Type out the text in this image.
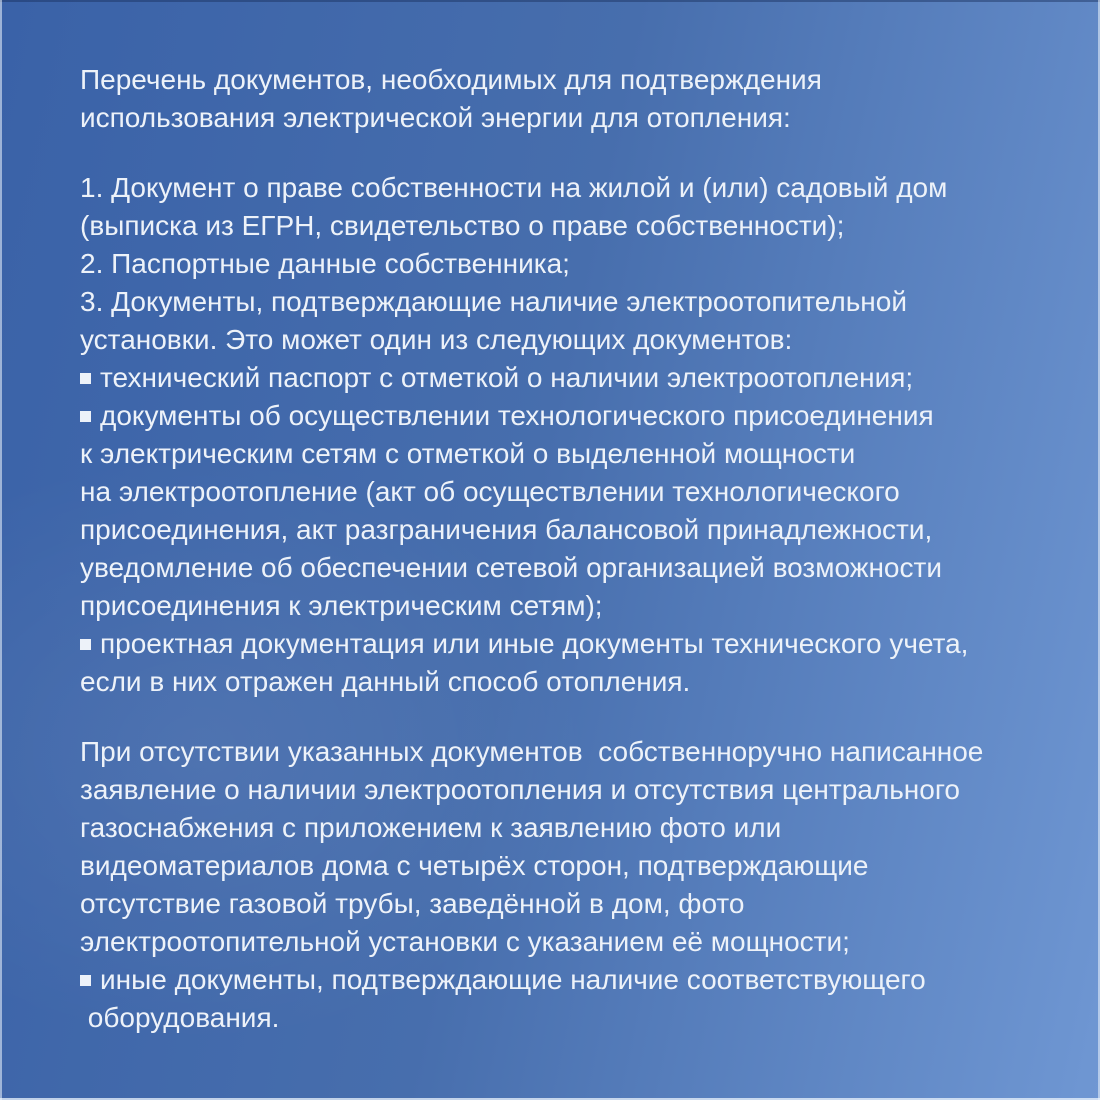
Перечень документов, необходимых для подтверждения
использования электрической энергии для отопления:
1. Документ о праве собственности на жилой и (или) садовый дом
(выписка из ЕГРН, свидетельство о праве собственности);
2. Паспортные данные собственника;
3. Документы, подтверждающие наличие электроотопительной
установки. Это может один из следующих документов:
технический паспорт с отметкой о наличии электроотопления;
документы об осуществлении технологического присоединения
к электрическим сетям с отметкой о выделенной мощности
на электроотопление (акт об осуществлении технологического
присоединения, акт разграничения балансовой принадлежности,
уведомление об обеспечении сетевой организацией возможности
присоединения к электрическим сетям);
проектная документация или иные документы технического учета,
если в них отражен данный способ отопления.
При отсутствии указанных документов  собственноручно написанное
заявление о наличии электроотопления и отсутствия центрального
газоснабжения с приложением к заявлению фото или
видеоматериалов дома с четырёх сторон, подтверждающие
отсутствие газовой трубы, заведённой в дом, фото
электроотопительной установки с указанием её мощности;
иные документы, подтверждающие наличие соответствующего
оборудования.
